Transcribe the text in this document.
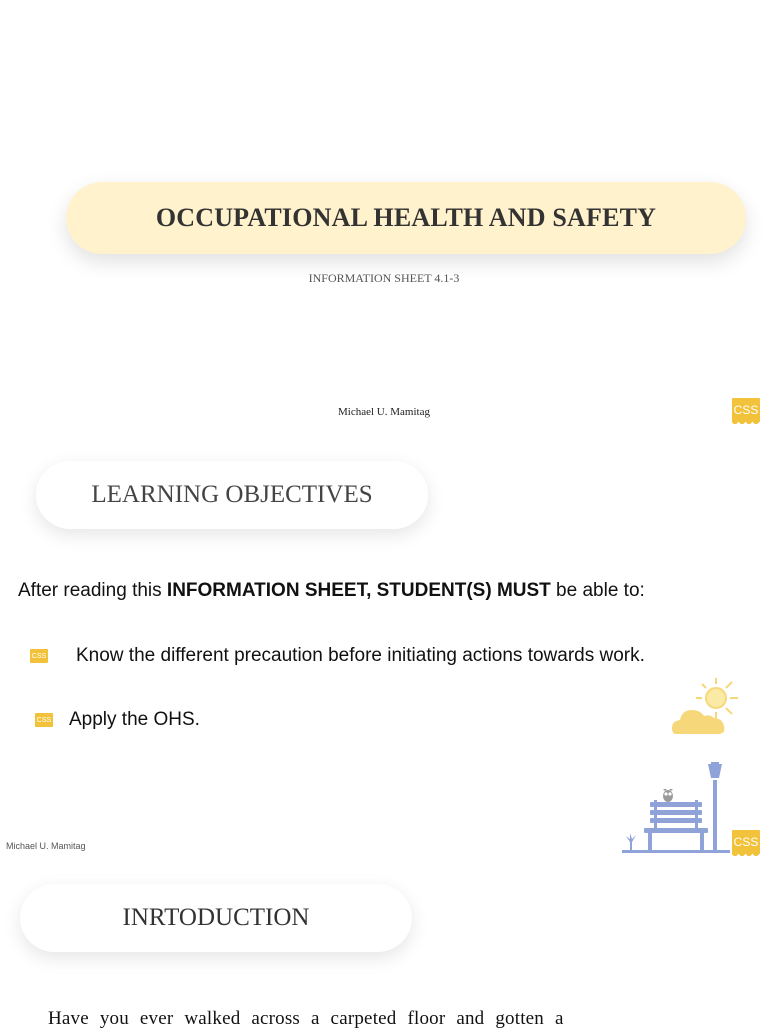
OCCUPATIONAL HEALTH AND SAFETY
INFORMATION SHEET 4.1-3
Michael U. Mamitag	CSS
LEARNING OBJECTIVES
After reading this INFORMATION SHEET, STUDENT(S) MUST be able to:
CSS Know the different precaution before initiating actions towards work.
CSS Apply the OHS.
Michael U. Mamitag	CSS
INRTODUCTION
Have you ever walked across a carpeted floor and gotten a
